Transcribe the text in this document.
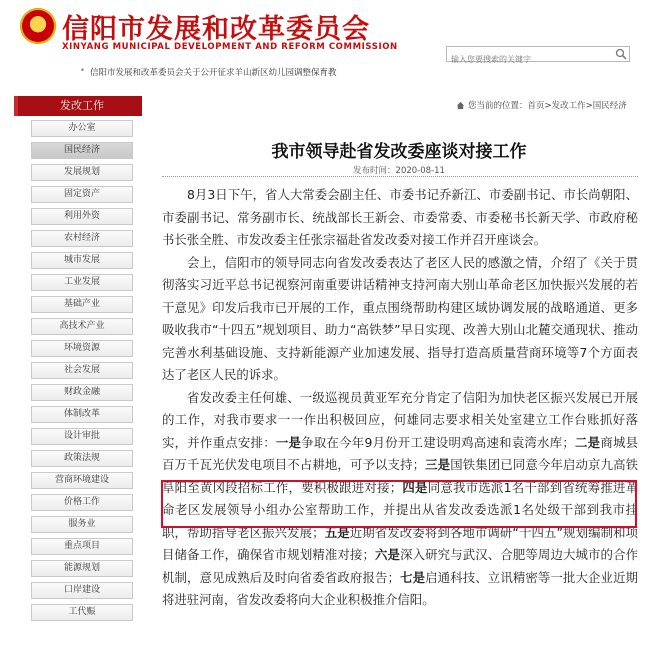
信阳市发展和改革委员会
XINYANG MUNICIPAL DEVELOPMENT AND REFORM COMMISSION
输入您要搜索的关键字
• 信阳市发展和改革委员会关于公开征求羊山新区幼儿园调整保育教
发改工作
办公室
国民经济
发展规划
固定资产
利用外资
农村经济
城市发展
工业发展
基础产业
高技术产业
环境资源
社会发展
财政金融
体制改革
设计审批
政策法规
营商环境建设
价格工作
服务业
重点项目
能源规划
口岸建设
工代赈
您当前的位置：首页>发改工作>国民经济
我市领导赴省发改委座谈对接工作
发布时间：2020-08-11

8月3日下午，省人大常委会副主任、市委书记乔新江、市委副书记、市长尚朝阳、市委副书记、常务副市长、统战部长王新会、市委常委、市委秘书长新天学、市政府秘书长张全胜、市发改委主任张宗福赴省发改委对接工作并召开座谈会。

会上，信阳市的领导同志向省发改委表达了老区人民的感激之情，介绍了《关于贯彻落实习近平总书记视察河南重要讲话精神支持河南大别山革命老区加快振兴发展的若干意见》印发后我市已开展的工作，重点围绕帮助构建区域协调发展的战略通道、更多吸收我市“十四五”规划项目、助力“高铁梦”早日实现、改善大别山北麓交通现状、推动完善水利基础设施、支持新能源产业加速发展、指导打造高质量营商环境等7个方面表达了老区人民的诉求。

省发改委主任何雄、一级巡视员黄亚军充分肯定了信阳为加快老区振兴发展已开展的工作，对我市要求一一作出积极回应，何雄同志要求相关处室建立工作台账抓好落实，并作重点安排：一是争取在今年9月份开工建设明鸡高速和袁湾水库；二是商城县百万千瓦光伏发电项目不占耕地，可予以支持；三是国铁集团已同意今年启动京九高铁阜阳至黄冈段招标工作，要积极跟进对接；四是同意我市选派1名干部到省统筹推进革命老区发展领导小组办公室帮助工作，并提出从省发改委选派1名处级干部到我市挂职，帮助指导老区振兴发展；五是近期省发改委将到各地市调研“十四五”规划编制和项目储备工作，确保省市规划精准对接；六是深入研究与武汉、合肥等周边大城市的合作机制，意见成熟后及时向省委省政府报告；七是启通科技、立讯精密等一批大企业近期将进驻河南，省发改委将向大企业积极推介信阳。
